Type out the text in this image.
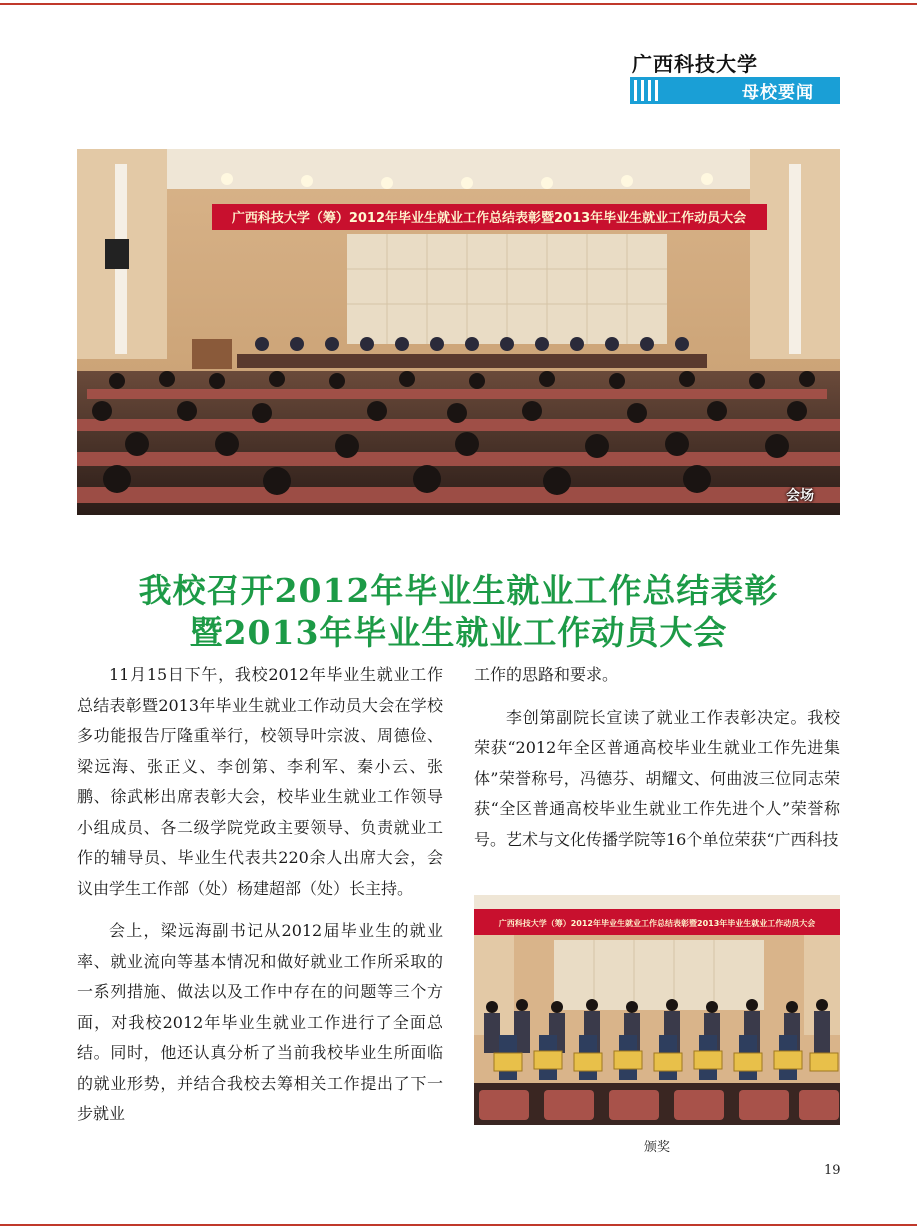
广西科技大学
母校要闻
广西科技大学（筹）2012年毕业生就业工作总结表彰暨2013年毕业生就业工作动员大会
会场
我校召开2012年毕业生就业工作总结表彰
暨2013年毕业生就业工作动员大会

11月15日下午，我校2012年毕业生就业工作总结表彰暨2013年毕业生就业工作动员大会在学校多功能报告厅隆重举行，校领导叶宗波、周德俭、梁远海、张正义、李创第、李利军、秦小云、张鹏、徐武彬出席表彰大会，校毕业生就业工作领导小组成员、各二级学院党政主要领导、负责就业工作的辅导员、毕业生代表共220余人出席大会，会议由学生工作部（处）杨建超部（处）长主持。

会上，梁远海副书记从2012届毕业生的就业率、就业流向等基本情况和做好就业工作所采取的一系列措施、做法以及工作中存在的问题等三个方面，对我校2012年毕业生就业工作进行了全面总结。同时，他还认真分析了当前我校毕业生所面临的就业形势，并结合我校去筹相关工作提出了下一步就业

工作的思路和要求。

李创第副院长宣读了就业工作表彰决定。我校荣获“2012年全区普通高校毕业生就业工作先进集体”荣誉称号，冯德芬、胡耀文、何曲波三位同志荣获“全区普通高校毕业生就业工作先进个人”荣誉称号。艺术与文化传播学院等16个单位荣获“广西科技

广西科技大学（筹）2012年毕业生就业工作总结表彰暨2013年毕业生就业工作动员大会
颁奖
19
